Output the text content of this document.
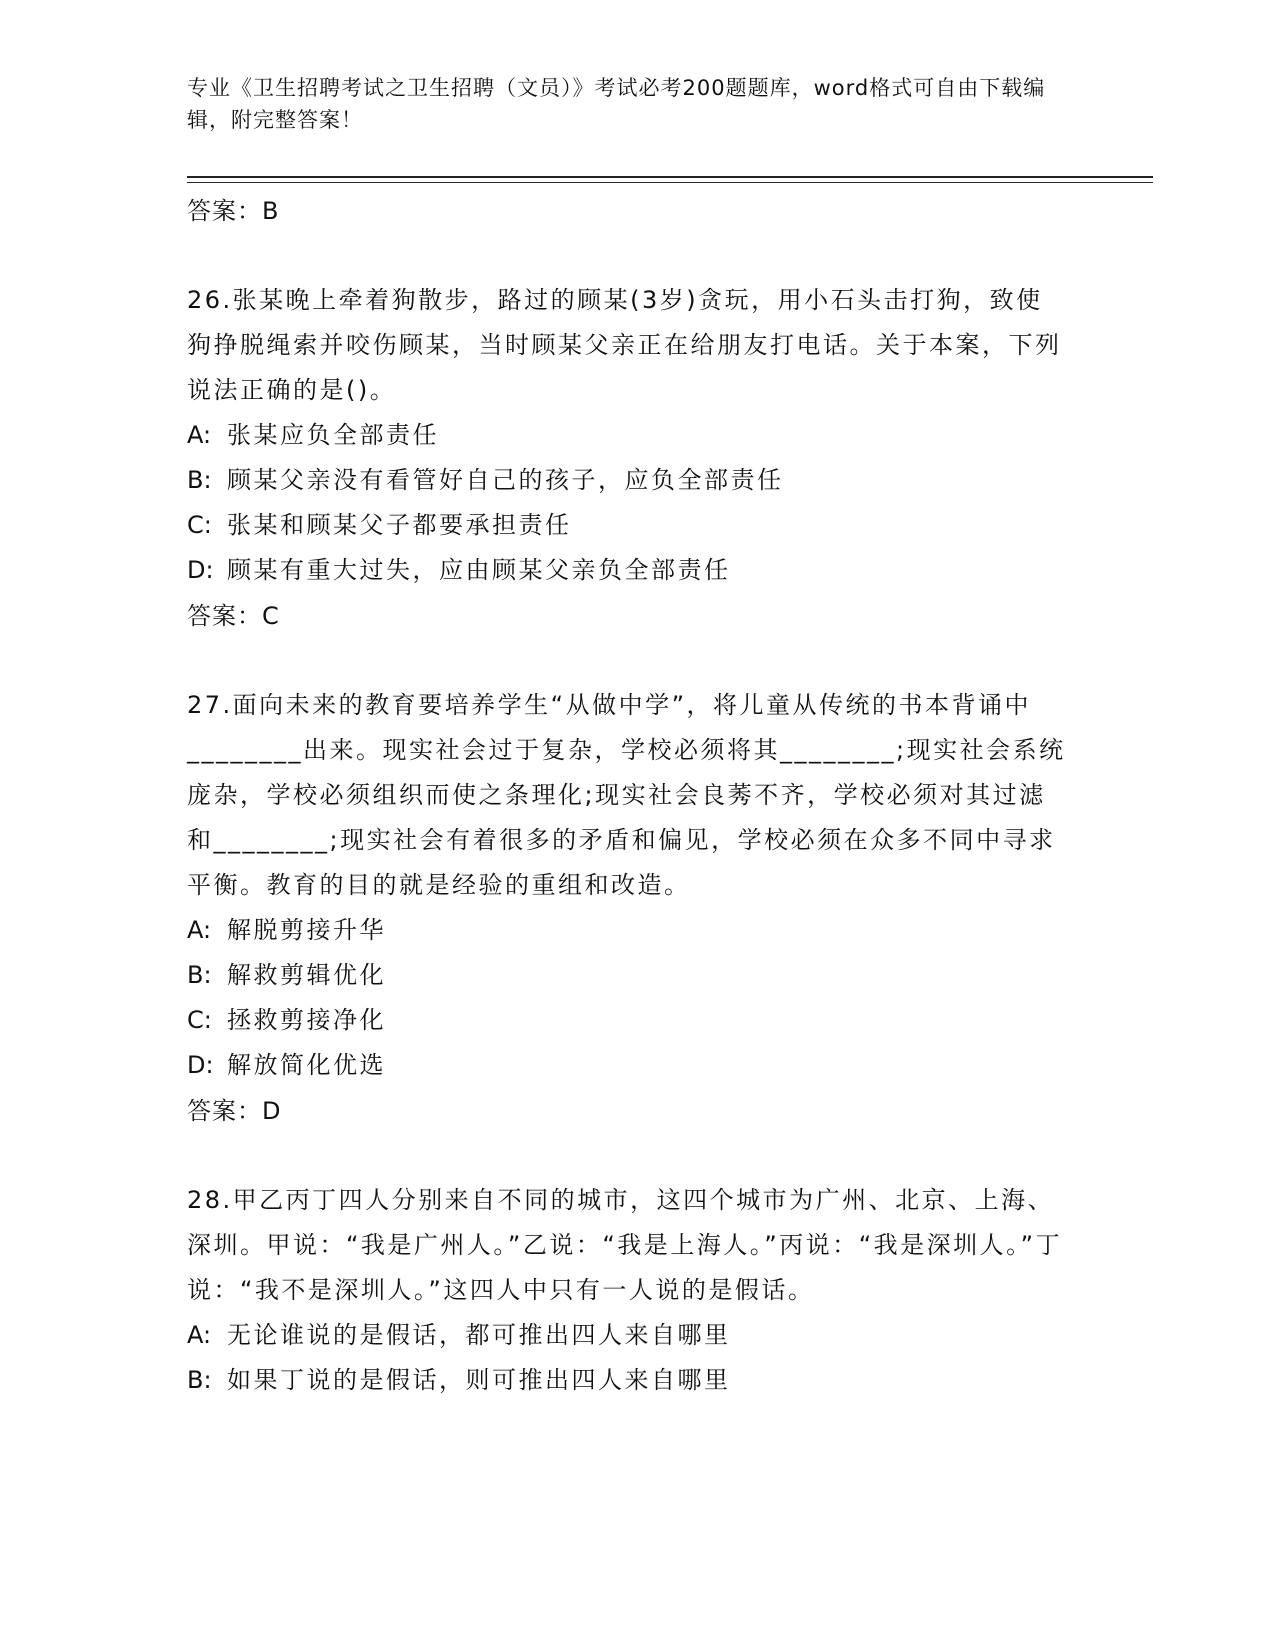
专业《卫生招聘考试之卫生招聘（文员）》考试必考200题题库，word格式可自由下载编辑，附完整答案！

答案：B

26.张某晚上牵着狗散步，路过的顾某(3岁)贪玩，用小石头击打狗，致使狗挣脱绳索并咬伤顾某，当时顾某父亲正在给朋友打电话。关于本案，下列说法正确的是()。

A: 张某应负全部责任

B: 顾某父亲没有看管好自己的孩子，应负全部责任

C: 张某和顾某父子都要承担责任

D: 顾某有重大过失，应由顾某父亲负全部责任

答案：C

27.面向未来的教育要培养学生“从做中学”，将儿童从传统的书本背诵中________出来。现实社会过于复杂，学校必须将其________;现实社会系统庞杂，学校必须组织而使之条理化;现实社会良莠不齐，学校必须对其过滤和________;现实社会有着很多的矛盾和偏见，学校必须在众多不同中寻求平衡。教育的目的就是经验的重组和改造。

A: 解脱剪接升华

B: 解救剪辑优化

C: 拯救剪接净化

D: 解放简化优选

答案：D

28.甲乙丙丁四人分别来自不同的城市，这四个城市为广州、北京、上海、深圳。甲说：“我是广州人。”乙说：“我是上海人。”丙说：“我是深圳人。”丁说：“我不是深圳人。”这四人中只有一人说的是假话。

A: 无论谁说的是假话，都可推出四人来自哪里

B: 如果丁说的是假话，则可推出四人来自哪里
